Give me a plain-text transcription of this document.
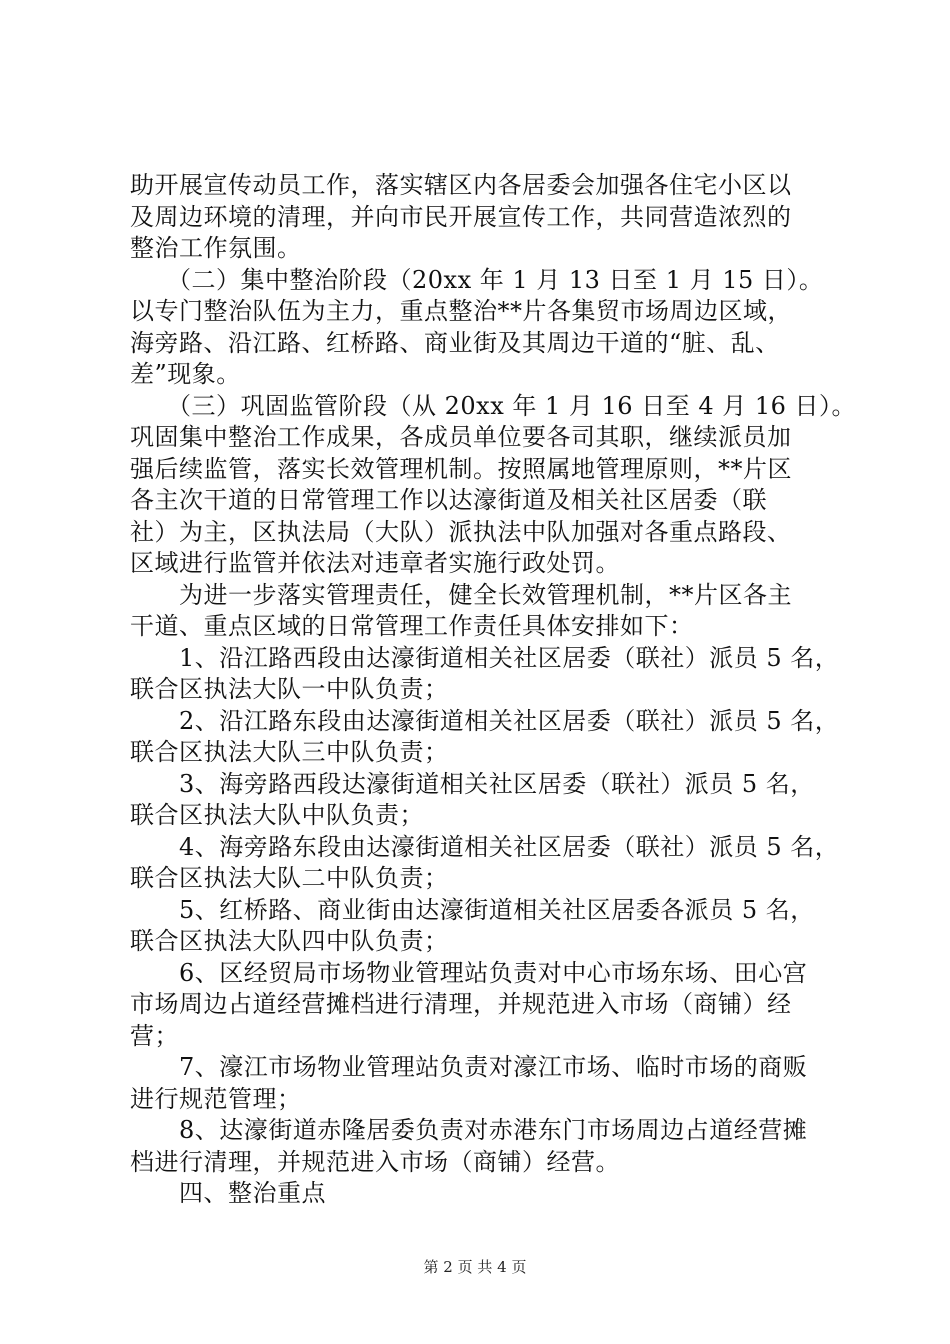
助开展宣传动员工作，落实辖区内各居委会加强各住宅小区以
及周边环境的清理，并向市民开展宣传工作，共同营造浓烈的
整治工作氛围。
　　（二）集中整治阶段（20xx 年 1 月 13 日至 1 月 15 日）。
以专门整治队伍为主力，重点整治**片各集贸市场周边区域，
海旁路、沿江路、红桥路、商业街及其周边干道的“脏、乱、
差”现象。
　　（三）巩固监管阶段（从 20xx 年 1 月 16 日至 4 月 16 日）。
巩固集中整治工作成果，各成员单位要各司其职，继续派员加
强后续监管，落实长效管理机制。按照属地管理原则，**片区
各主次干道的日常管理工作以达濠街道及相关社区居委（联
社）为主，区执法局（大队）派执法中队加强对各重点路段、
区域进行监管并依法对违章者实施行政处罚。
　　为进一步落实管理责任，健全长效管理机制，**片区各主
干道、重点区域的日常管理工作责任具体安排如下：
　　1、沿江路西段由达濠街道相关社区居委（联社）派员 5 名，
联合区执法大队一中队负责；
　　2、沿江路东段由达濠街道相关社区居委（联社）派员 5 名，
联合区执法大队三中队负责；
　　3、海旁路西段达濠街道相关社区居委（联社）派员 5 名，
联合区执法大队中队负责；
　　4、海旁路东段由达濠街道相关社区居委（联社）派员 5 名，
联合区执法大队二中队负责；
　　5、红桥路、商业街由达濠街道相关社区居委各派员 5 名，
联合区执法大队四中队负责；
　　6、区经贸局市场物业管理站负责对中心市场东场、田心宫
市场周边占道经营摊档进行清理，并规范进入市场（商铺）经
营；
　　7、濠江市场物业管理站负责对濠江市场、临时市场的商贩
进行规范管理；
　　8、达濠街道赤隆居委负责对赤港东门市场周边占道经营摊
档进行清理，并规范进入市场（商铺）经营。
　　四、整治重点
第 2 页 共 4 页
